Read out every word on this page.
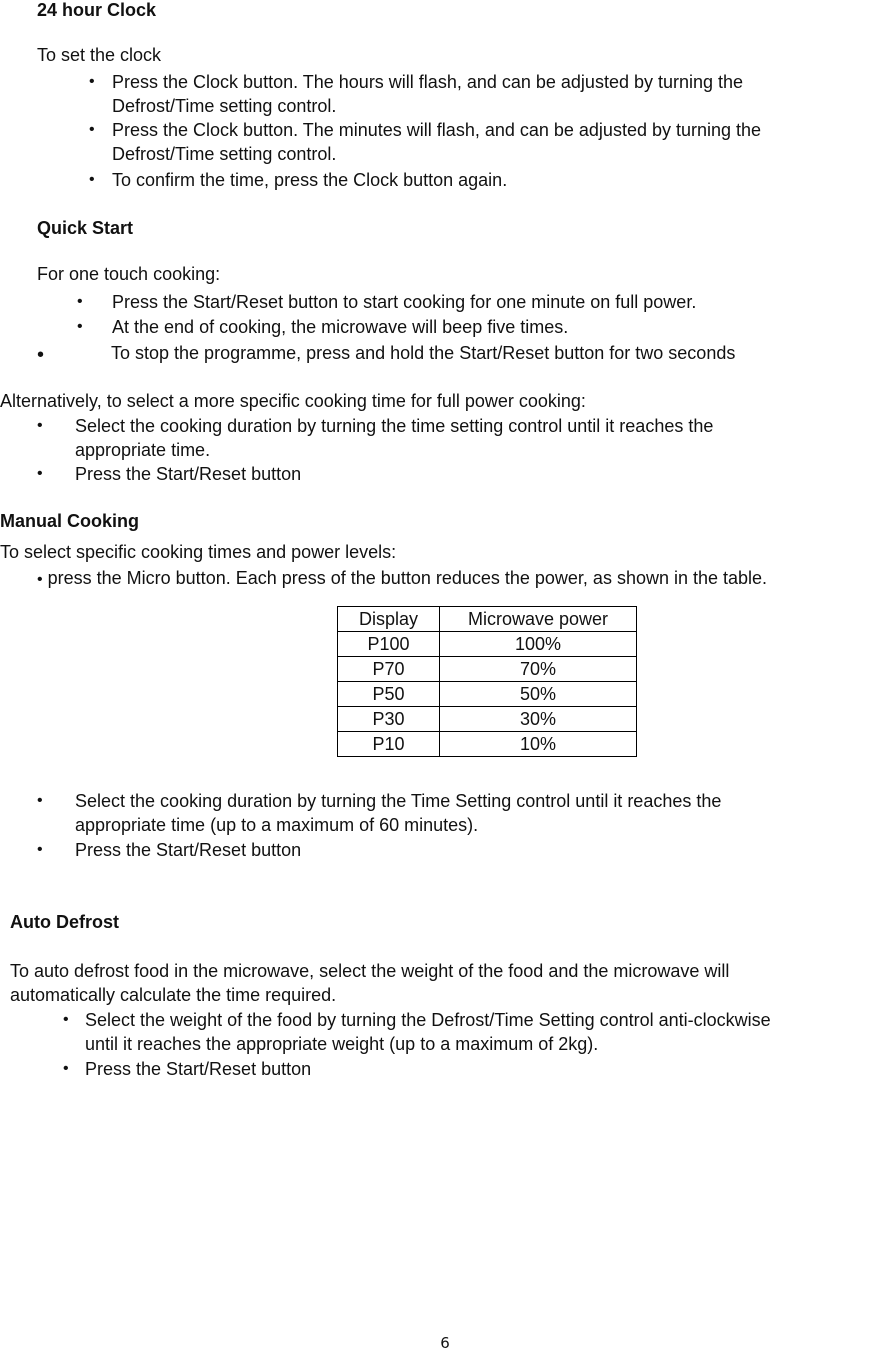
24 hour Clock
To set the clock
• Press the Clock button. The hours will flash, and can be adjusted by turning the
Defrost/Time setting control.
• Press the Clock button. The minutes will flash, and can be adjusted by turning the
Defrost/Time setting control.
• To confirm the time, press the Clock button again.
Quick Start
For one touch cooking:
• Press the Start/Reset button to start cooking for one minute on full power.
• At the end of cooking, the microwave will beep five times.
•	To stop the programme, press and hold the Start/Reset button for two seconds
Alternatively, to select a more specific cooking time for full power cooking:
• Select the cooking duration by turning the time setting control until it reaches the
appropriate time.
• Press the Start/Reset button
Manual Cooking
To select specific cooking times and power levels:
• press the Micro button. Each press of the button reduces the power, as shown in the table.
Display	Microwave power
P100	100%
P70	70%
P50	50%
P30	30%
P10	10%
• Select the cooking duration by turning the Time Setting control until it reaches the
appropriate time (up to a maximum of 60 minutes).
• Press the Start/Reset button
Auto Defrost
To auto defrost food in the microwave, select the weight of the food and the microwave will
automatically calculate the time required.
• Select the weight of the food by turning the Defrost/Time Setting control anti-clockwise
until it reaches the appropriate weight (up to a maximum of 2kg).
• Press the Start/Reset button
6
